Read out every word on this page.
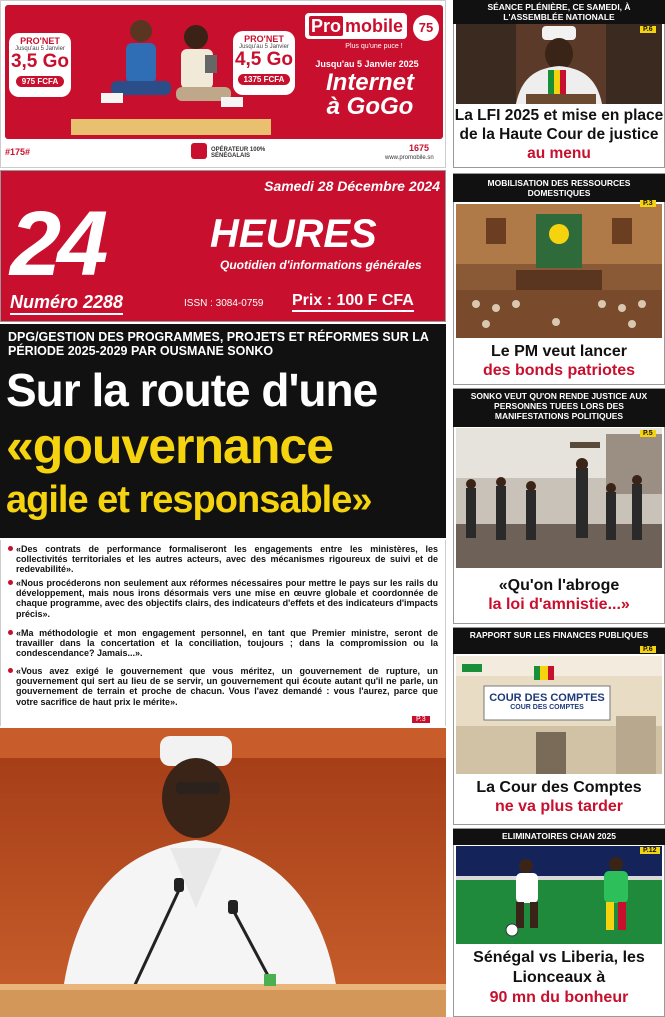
PRO'NET
Jusqu'au 5 Janvier
3,5 Go
975 FCFA
PRO'NET
Jusqu'au 5 Janvier
4,5 Go
1375 FCFA
Pro mobile	75
Plus qu'une puce !
Jusqu'au 5 Janvier 2025
Internet
à GoGo
#175#	OPÉRATEUR 100% SÉNÉGALAIS
1675
www.promobile.sn
Samedi 28 Décembre 2024
24	HEURES
Quotidien d'informations générales
Numéro 2288	ISSN : 3084-0759 Prix : 100 F CFA
DPG/GESTION DES PROGRAMMES, PROJETS ET RÉFORMES SUR LA PÉRIODE 2025-2029 PAR OUSMANE SONKO
Sur la route d'une
«gouvernance
agile et responsable»
«Des contrats de performance formaliseront les engagements entre les ministères, les collectivités territoriales et les autres acteurs, avec des mécanismes rigoureux de suivi et de redevabilité».
«Nous procéderons non seulement aux réformes nécessaires pour mettre le pays sur les rails du développement, mais nous irons désormais vers une mise en œuvre globale et coordonnée de chaque programme, avec des objectifs clairs, des indicateurs d'effets et des indicateurs d'impacts précis».
«Ma méthodologie et mon engagement personnel, en tant que Premier ministre, seront de travailler dans la concertation et la conciliation, toujours ; dans la compromission ou la condescendance? Jamais...».
«Vous avez exigé le gouvernement que vous méritez, un gouvernement de rupture, un gouvernement qui sert au lieu de se servir, un gouvernement qui écoute autant qu'il ne parle, un gouvernement de terrain et proche de chacun. Vous l'avez demandé : vous l'aurez, parce que votre sacrifice de haut prix le mérite».
P.3
SÉANCE PLÉNIÈRE, CE SAMEDI, À L'ASSEMBLÉE NATIONALE
P.6
La LFI 2025 et mise en place de la Haute Cour de justice au menu
MOBILISATION DES RESSOURCES DOMESTIQUES
P.3
Le PM veut lancer
des bonds patriotes
SONKO VEUT QU'ON RENDE JUSTICE AUX PERSONNES TUEES LORS DES MANIFESTATIONS POLITIQUES
P.5
«Qu'on l'abroge
la loi d'amnistie...»
RAPPORT SUR LES FINANCES PUBLIQUES
COUR DES COMPTES
COUR DES COMPTES
P.6
La Cour des Comptes
ne va plus tarder
ELIMINATOIRES CHAN 2025
P.12
Sénégal vs Liberia, les Lionceaux à
90 mn du bonheur
